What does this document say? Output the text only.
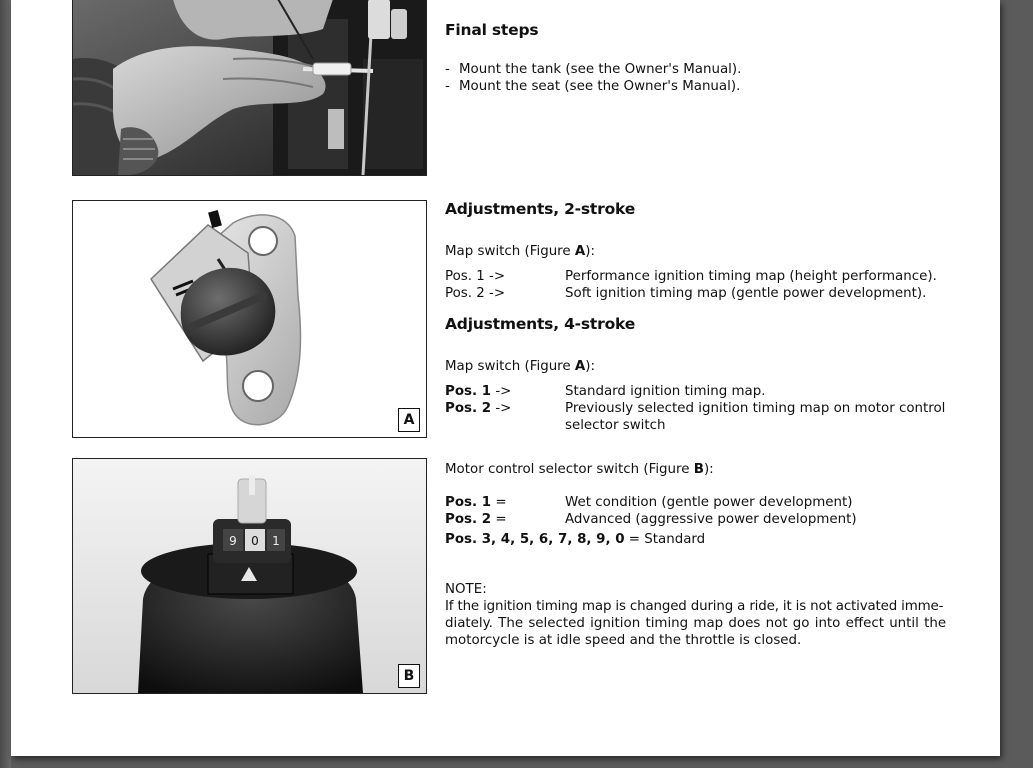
A
9 0 1
B
Final steps
- Mount the tank (see the Owner's Manual).
- Mount the seat (see the Owner's Manual).
Adjustments, 2-stroke
Map switch (Figure A):
Pos. 1 ->	Performance ignition timing map (height performance).
Pos. 2 ->	Soft ignition timing map (gentle power development).
Adjustments, 4-stroke
Map switch (Figure A):
Pos. 1 ->	Standard ignition timing map.
Pos. 2 ->	Previously selected ignition timing map on motor control
selector switch
Motor control selector switch (Figure B):
Pos. 1 =	Wet condition (gentle power development)
Pos. 2 =	Advanced (aggressive power development)
Pos. 3, 4, 5, 6, 7, 8, 9, 0 = Standard
NOTE:
If the ignition timing map is changed during a ride, it is not activated imme-
diately. The selected ignition timing map does not go into effect until the
motorcycle is at idle speed and the throttle is closed.
